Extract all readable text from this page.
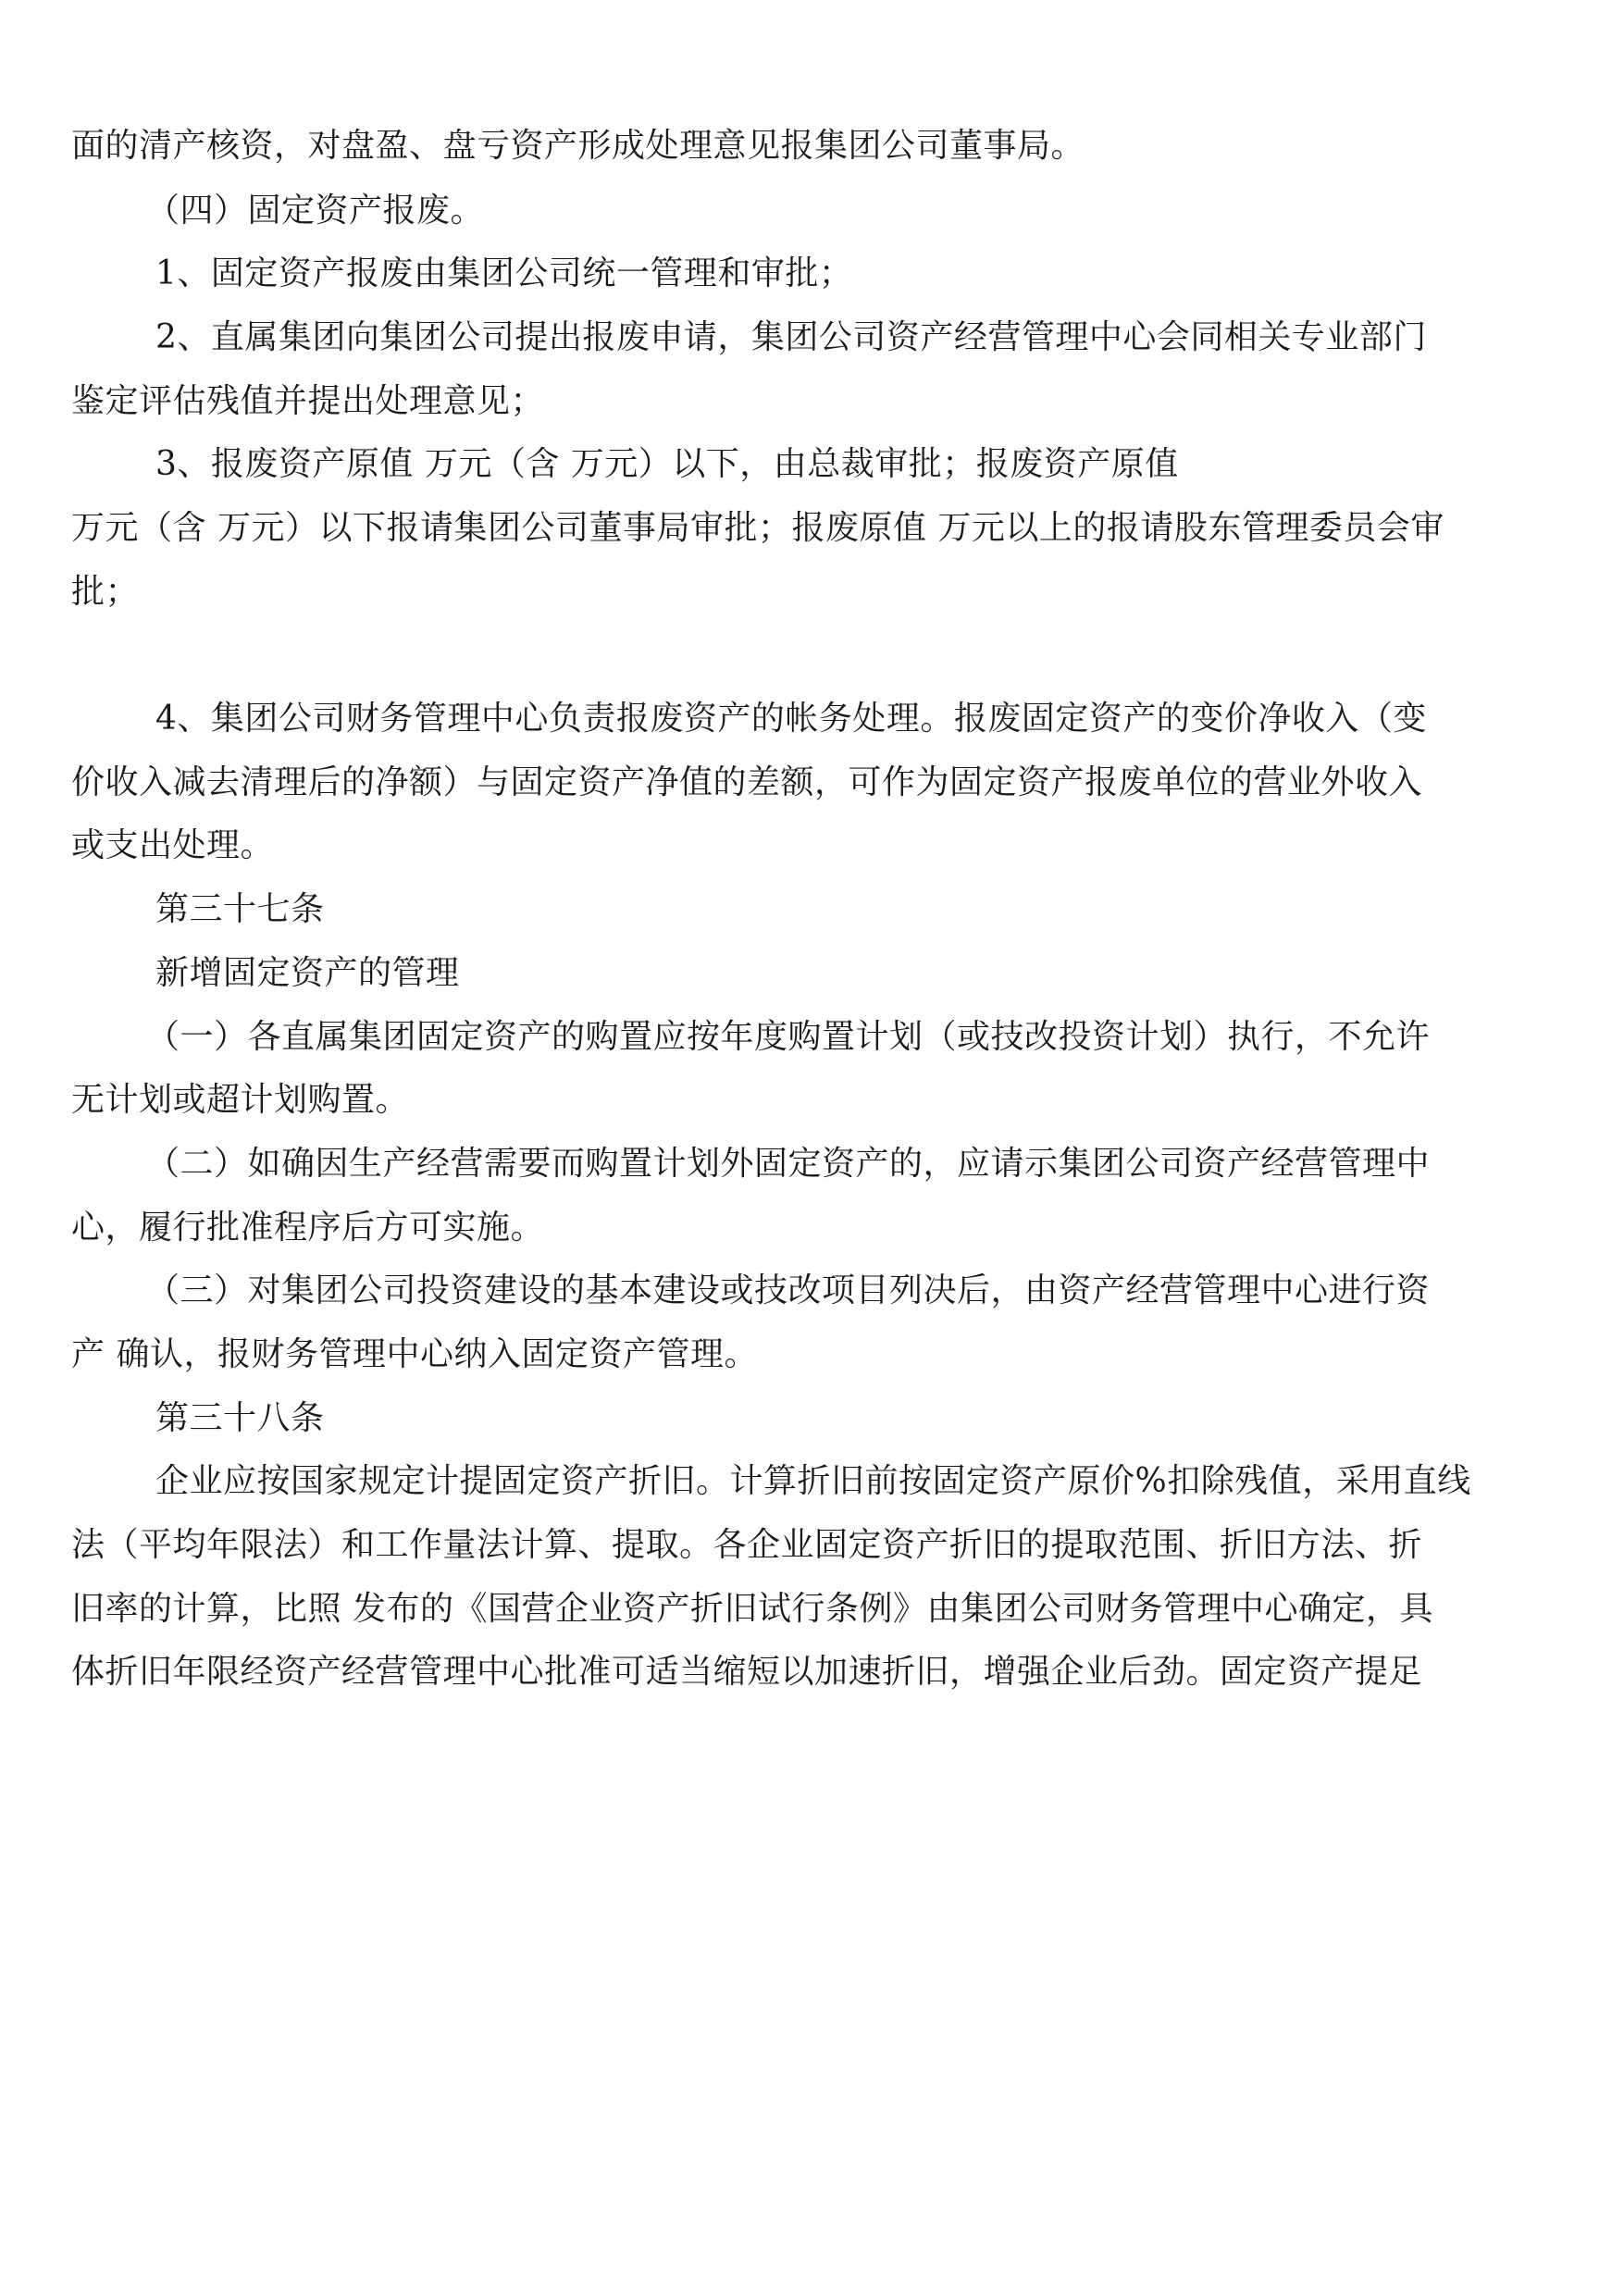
面的清产核资，对盘盈、盘亏资产形成处理意见报集团公司董事局。
（四）固定资产报废。
1、固定资产报废由集团公司统一管理和审批；
2、直属集团向集团公司提出报废申请，集团公司资产经营管理中心会同相关专业部门
鉴定评估残值并提出处理意见；
3、报废资产原值 万元（含 万元）以下，由总裁审批；报废资产原值
万元（含 万元）以下报请集团公司董事局审批；报废原值 万元以上的报请股东管理委员会审
批；
4、集团公司财务管理中心负责报废资产的帐务处理。报废固定资产的变价净收入（变
价收入减去清理后的净额）与固定资产净值的差额，可作为固定资产报废单位的营业外收入
或支出处理。
第三十七条
新增固定资产的管理
（一）各直属集团固定资产的购置应按年度购置计划（或技改投资计划）执行，不允许
无计划或超计划购置。
（二）如确因生产经营需要而购置计划外固定资产的，应请示集团公司资产经营管理中
心，履行批准程序后方可实施。
（三）对集团公司投资建设的基本建设或技改项目列决后，由资产经营管理中心进行资
产 确认，报财务管理中心纳入固定资产管理。
第三十八条
企业应按国家规定计提固定资产折旧。计算折旧前按固定资产原价%扣除残值，采用直线
法（平均年限法）和工作量法计算、提取。各企业固定资产折旧的提取范围、折旧方法、折
旧率的计算，比照 发布的《国营企业资产折旧试行条例》由集团公司财务管理中心确定，具
体折旧年限经资产经营管理中心批准可适当缩短以加速折旧，增强企业后劲。固定资产提足
